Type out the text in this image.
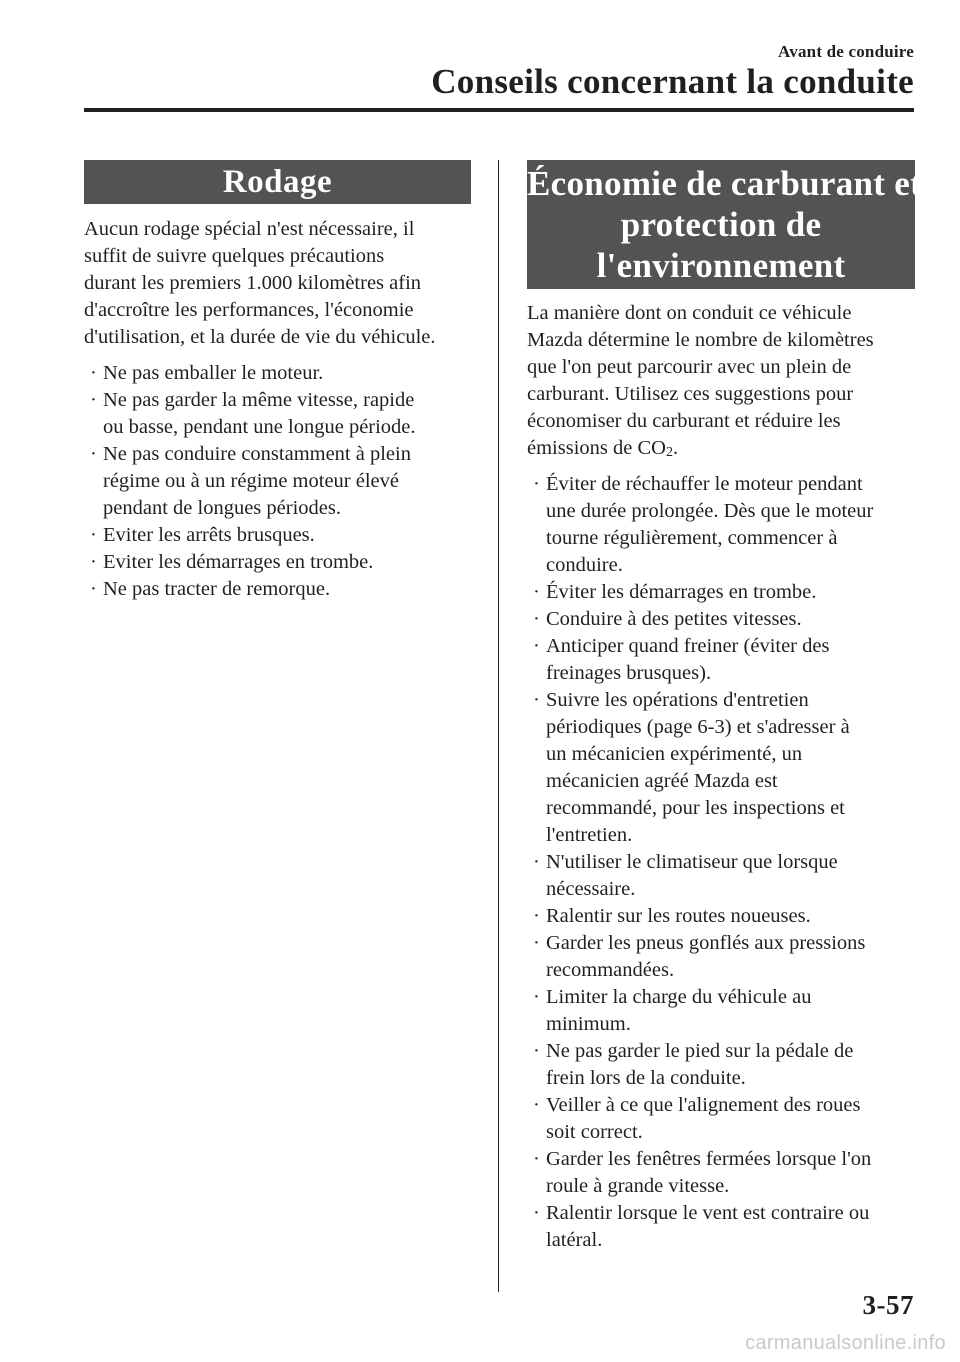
Avant de conduire
Conseils concernant la conduite
Rodage
Aucun rodage spécial n'est nécessaire, il
suffit de suivre quelques précautions
durant les premiers 1.000 kilomètres afin
d'accroître les performances, l'économie
d'utilisation, et la durée de vie du véhicule.
· Ne pas emballer le moteur.
· Ne pas garder la même vitesse, rapide
ou basse, pendant une longue période.
· Ne pas conduire constamment à plein
régime ou à un régime moteur élevé
pendant de longues périodes.
· Eviter les arrêts brusques.
· Eviter les démarrages en trombe.
· Ne pas tracter de remorque.
Économie de carburant et
protection de
l'environnement
La manière dont on conduit ce véhicule
Mazda détermine le nombre de kilomètres
que l'on peut parcourir avec un plein de
carburant. Utilisez ces suggestions pour
économiser du carburant et réduire les
émissions de CO2.
· Éviter de réchauffer le moteur pendant
une durée prolongée. Dès que le moteur
tourne régulièrement, commencer à
conduire.
· Éviter les démarrages en trombe.
· Conduire à des petites vitesses.
· Anticiper quand freiner (éviter des
freinages brusques).
· Suivre les opérations d'entretien
périodiques (page 6-3) et s'adresser à
un mécanicien expérimenté, un
mécanicien agréé Mazda est
recommandé, pour les inspections et
l'entretien.
· N'utiliser le climatiseur que lorsque
nécessaire.
· Ralentir sur les routes noueuses.
· Garder les pneus gonflés aux pressions
recommandées.
· Limiter la charge du véhicule au
minimum.
· Ne pas garder le pied sur la pédale de
frein lors de la conduite.
· Veiller à ce que l'alignement des roues
soit correct.
· Garder les fenêtres fermées lorsque l'on
roule à grande vitesse.
· Ralentir lorsque le vent est contraire ou
latéral.
3-57
carmanualsonline.info
